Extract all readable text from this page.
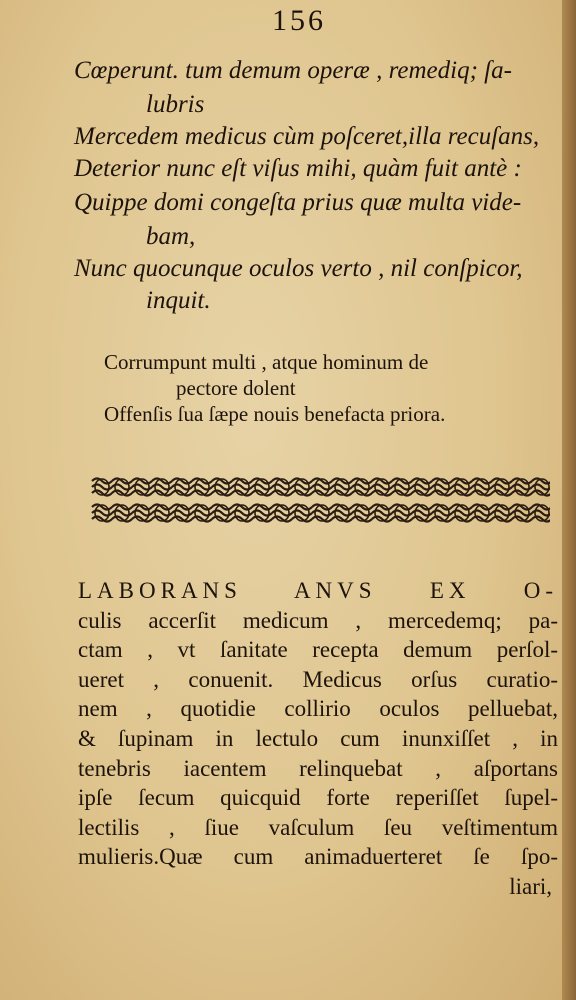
156
Cœperunt. tum demum operæ , remediq; ſa-
lubris
Mercedem medicus cùm poſceret,illa recuſans,
Deterior nunc eſt viſus mihi, quàm fuit antè :
Quippe domi congeſta prius quæ multa vide-
bam,
Nunc quocunque oculos verto , nil conſpicor,
inquit.
Corrumpunt multi , atque hominum de
pectore dolent
Offenſis ſua ſæpe nouis benefacta priora.
LABORANS ANVS EX O-
culis accerſit medicum , mercedemq; pa-
ctam , vt ſanitate recepta demum perſol-
ueret , conuenit. Medicus orſus curatio-
nem , quotidie collirio oculos pelluebat,
& ſupinam in lectulo cum inunxiſſet , in
tenebris iacentem relinquebat , aſportans
ipſe ſecum quicquid forte reperiſſet ſupel-
lectilis , ſiue vaſculum ſeu veſtimentum
mulieris.Quæ cum animaduerteret ſe ſpo-
liari,
